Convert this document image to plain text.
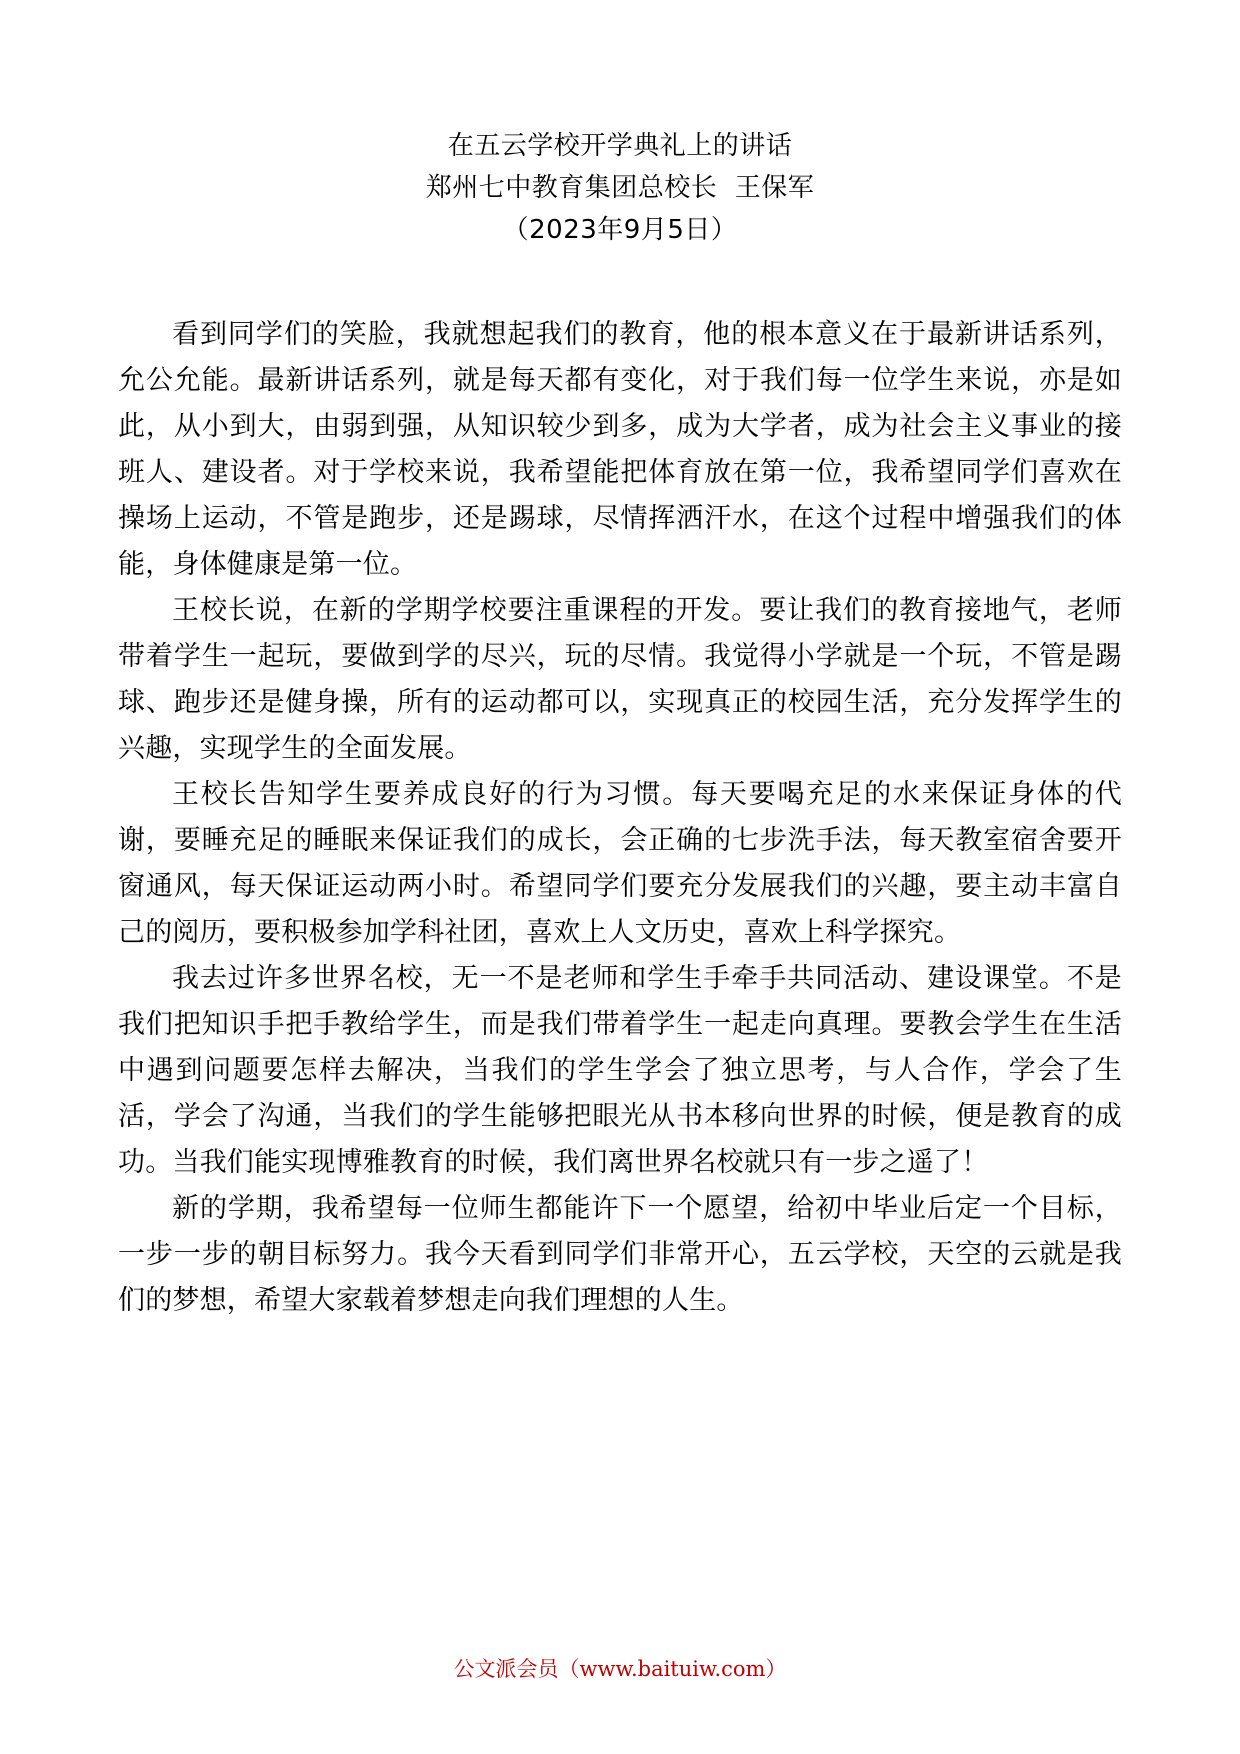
在五云学校开学典礼上的讲话
郑州七中教育集团总校长  王保军
（2023年9月5日）

看到同学们的笑脸，我就想起我们的教育，他的根本意义在于最新讲话系列，允公允能。最新讲话系列，就是每天都有变化，对于我们每一位学生来说，亦是如此，从小到大，由弱到强，从知识较少到多，成为大学者，成为社会主义事业的接班人、建设者。对于学校来说，我希望能把体育放在第一位，我希望同学们喜欢在操场上运动，不管是跑步，还是踢球，尽情挥洒汗水，在这个过程中增强我们的体能，身体健康是第一位。

王校长说，在新的学期学校要注重课程的开发。要让我们的教育接地气，老师带着学生一起玩，要做到学的尽兴，玩的尽情。我觉得小学就是一个玩，不管是踢球、跑步还是健身操，所有的运动都可以，实现真正的校园生活，充分发挥学生的兴趣，实现学生的全面发展。

王校长告知学生要养成良好的行为习惯。每天要喝充足的水来保证身体的代谢，要睡充足的睡眠来保证我们的成长，会正确的七步洗手法，每天教室宿舍要开窗通风，每天保证运动两小时。希望同学们要充分发展我们的兴趣，要主动丰富自己的阅历，要积极参加学科社团，喜欢上人文历史，喜欢上科学探究。

我去过许多世界名校，无一不是老师和学生手牵手共同活动、建设课堂。不是我们把知识手把手教给学生，而是我们带着学生一起走向真理。要教会学生在生活中遇到问题要怎样去解决，当我们的学生学会了独立思考，与人合作，学会了生活，学会了沟通，当我们的学生能够把眼光从书本移向世界的时候，便是教育的成功。当我们能实现博雅教育的时候，我们离世界名校就只有一步之遥了！

新的学期，我希望每一位师生都能许下一个愿望，给初中毕业后定一个目标，一步一步的朝目标努力。我今天看到同学们非常开心，五云学校，天空的云就是我们的梦想，希望大家载着梦想走向我们理想的人生。

公文派会员（www.baituiw.com）
